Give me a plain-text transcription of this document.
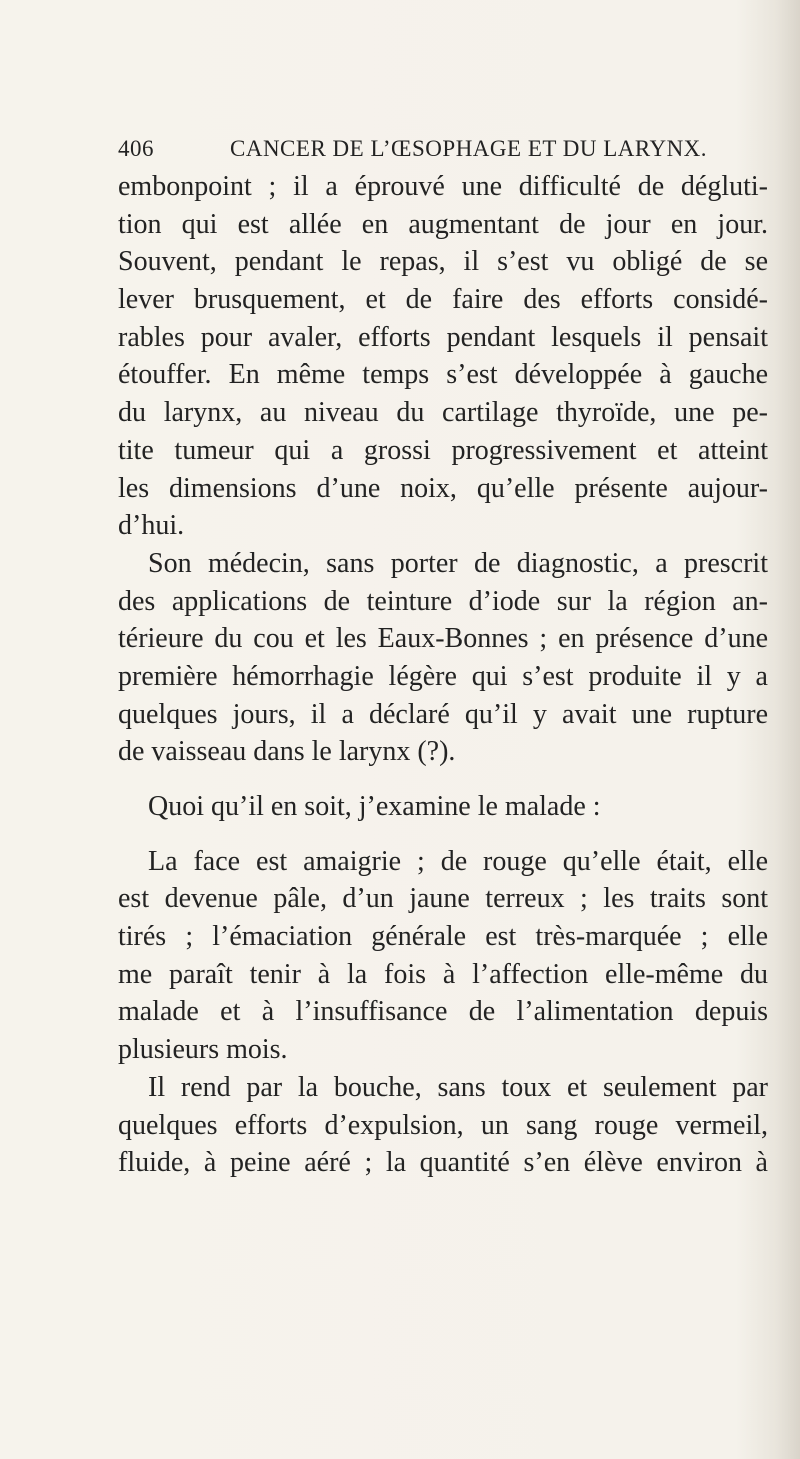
406	CANCER DE L’ŒSOPHAGE ET DU LARYNX.
embonpoint ; il a éprouvé une difficulté de dégluti-
tion qui est allée en augmentant de jour en jour.
Souvent, pendant le repas, il s’est vu obligé de se
lever brusquement, et de faire des efforts considé-
rables pour avaler, efforts pendant lesquels il pensait
étouffer. En même temps s’est développée à gauche
du larynx, au niveau du cartilage thyroïde, une pe-
tite tumeur qui a grossi progressivement et atteint
les dimensions d’une noix, qu’elle présente aujour-
d’hui.
Son médecin, sans porter de diagnostic, a prescrit
des applications de teinture d’iode sur la région an-
térieure du cou et les Eaux-Bonnes ; en présence d’une
première hémorrhagie légère qui s’est produite il y a
quelques jours, il a déclaré qu’il y avait une rupture
de vaisseau dans le larynx (?).
Quoi qu’il en soit, j’examine le malade :
La face est amaigrie ; de rouge qu’elle était, elle
est devenue pâle, d’un jaune terreux ; les traits sont
tirés ; l’émaciation générale est très-marquée ; elle
me paraît tenir à la fois à l’affection elle-même du
malade et à l’insuffisance de l’alimentation depuis
plusieurs mois.
Il rend par la bouche, sans toux et seulement par
quelques efforts d’expulsion, un sang rouge vermeil,
fluide, à peine aéré ; la quantité s’en élève environ à
